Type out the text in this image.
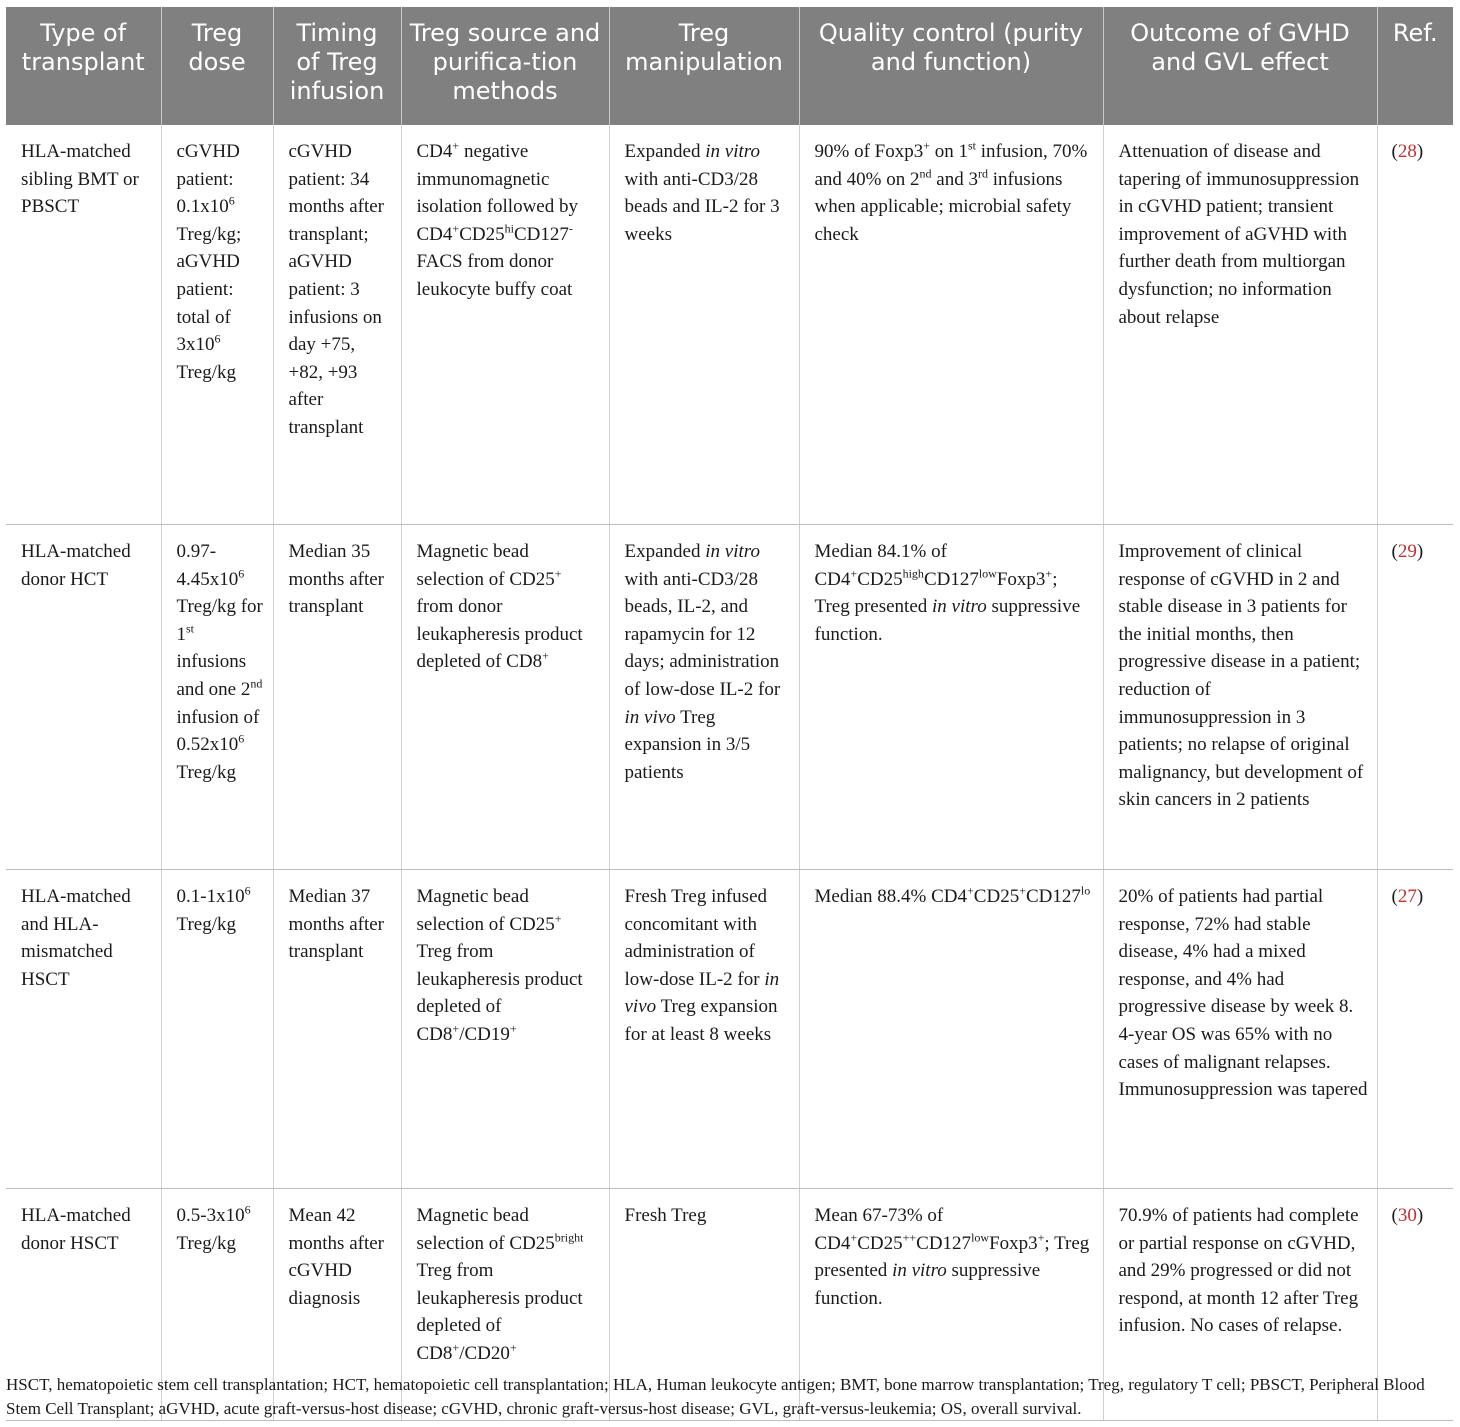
Type of transplant	Treg dose	Timing of Treg infusion	Treg source and purifica-tion methods	Treg manipulation	Quality control (purity and function)	Outcome of GVHD and GVL effect	Ref.
HLA-matched sibling BMT or PBSCT	cGVHD patient: $0.1x10^6$ Treg/kg; aGVHD patient: total of $3x10^6$ Treg/kg	cGVHD patient: 34 months after transplant; aGVHD patient: 3 infusions on day +75, +82, +93 after transplant	CD4+ negative immunomagnetic isolation followed by $CD4^+CD25^{hi}CD127^-$ FACS from donor leukocyte buffy coat	Expanded in vitro with anti-CD3/28 beads and IL-2 for 3 weeks	90% of Foxp3+ on 1st infusion, 70% and 40% on 2nd and 3rd infusions when applicable; microbial safety check	Attenuation of disease and tapering of immunosuppression in cGVHD patient; transient improvement of aGVHD with further death from multiorgan dysfunction; no information about relapse	(28)
HLA-matched donor HCT	$0.97-4.45x10^6$ Treg/kg for 1st infusions and one 2nd infusion of $0.52x10^6$ Treg/kg	Median 35 months after transplant	Magnetic bead selection of CD25+ from donor leukapheresis product depleted of CD8+	Expanded in vitro with anti-CD3/28 beads, IL-2, and rapamycin for 12 days; administration of low-dose IL-2 for in vivo Treg expansion in 3/5 patients	Median 84.1% of $CD4^+CD25^{high}CD127^{low}Foxp3^+$; Treg presented in vitro suppressive function.	Improvement of clinical response of cGVHD in 2 and stable disease in 3 patients for the initial months, then progressive disease in a patient; reduction of immunosuppression in 3 patients; no relapse of original malignancy, but development of skin cancers in 2 patients	(29)
HLA-matched and HLA-mismatched HSCT	$0.1-1x10^6$ Treg/kg	Median 37 months after transplant	Magnetic bead selection of CD25+ Treg from leukapheresis product depleted of CD8+/CD19+	Fresh Treg infused concomitant with administration of low-dose IL-2 for in vivo Treg expansion for at least 8 weeks	Median 88.4% $CD4^+CD25^+CD127^{lo}$	20% of patients had partial response, 72% had stable disease, 4% had a mixed response, and 4% had progressive disease by week 8. 4-year OS was 65% with no cases of malignant relapses. Immunosuppression was tapered	(27)
HLA-matched donor HSCT	$0.5-3x10^6$ Treg/kg	Mean 42 months after cGVHD diagnosis	Magnetic bead selection of $CD25^{bright}$ Treg from leukapheresis product depleted of CD8+/CD20+	Fresh Treg	Mean 67-73% of $CD4^+CD25^{++}CD127^{low}Foxp3^+$; Treg presented in vitro suppressive function.	70.9% of patients had complete or partial response on cGVHD, and 29% progressed or did not respond, at month 12 after Treg infusion. No cases of relapse.	(30)
HSCT, hematopoietic stem cell transplantation; HCT, hematopoietic cell transplantation; HLA, Human leukocyte antigen; BMT, bone marrow transplantation; Treg, regulatory T cell; PBSCT, Peripheral Blood Stem Cell Transplant; aGVHD, acute graft-versus-host disease; cGVHD, chronic graft-versus-host disease; GVL, graft-versus-leukemia; OS, overall survival.
